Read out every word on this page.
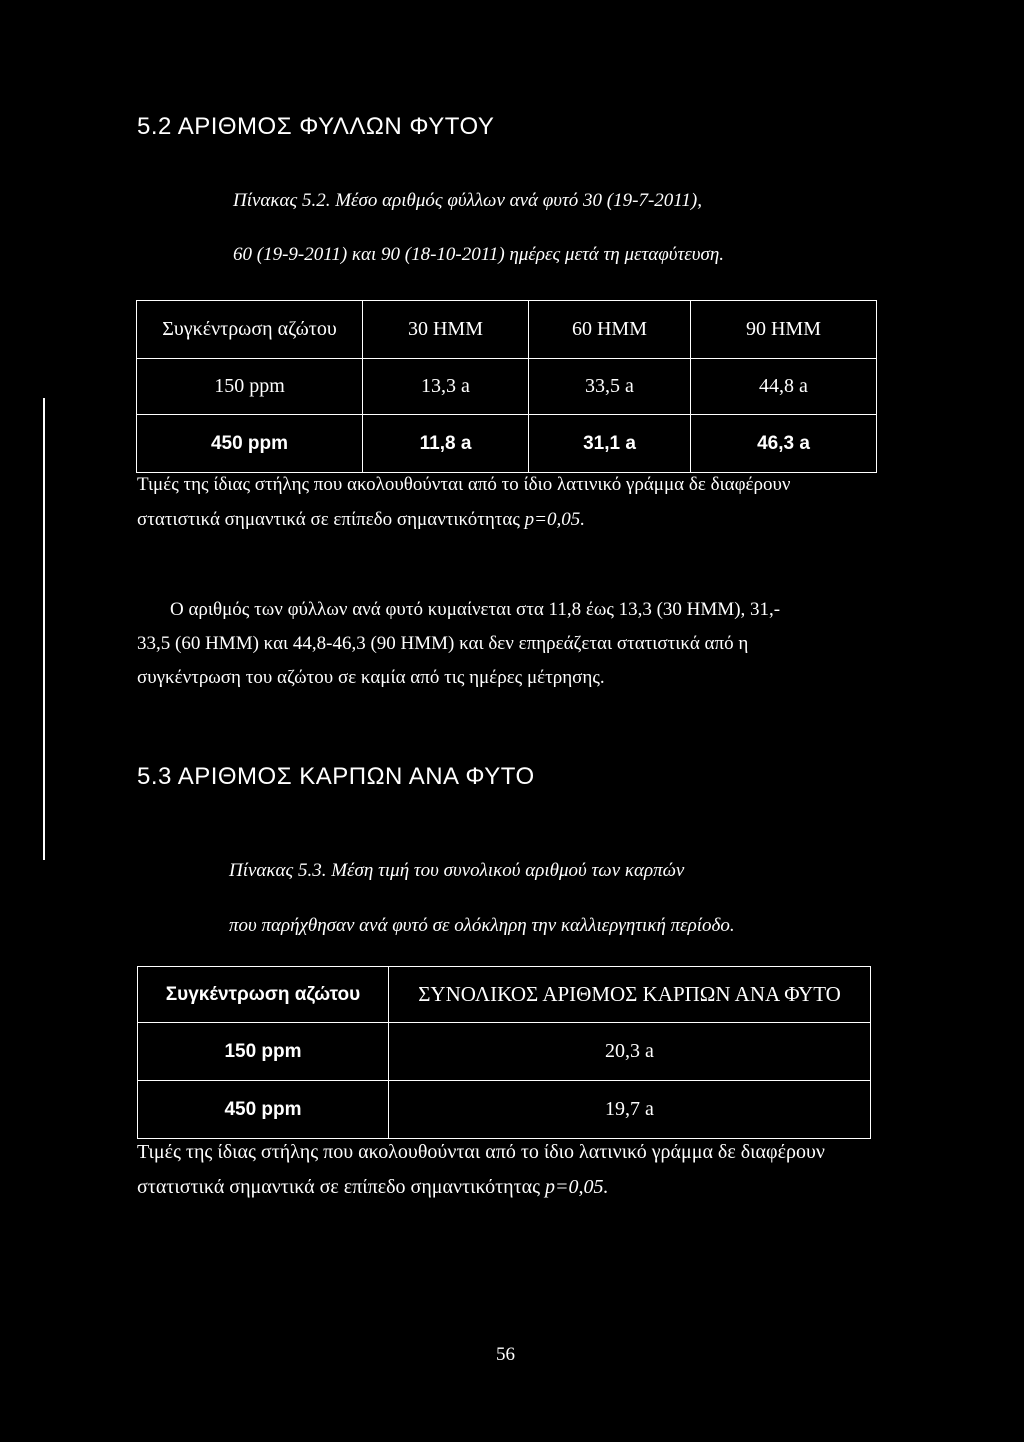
5.2 ΑΡΙΘΜΟΣ ΦΥΛΛΩΝ ΦΥΤΟΥ
Πίνακας 5.2. Μέσο αριθμός φύλλων ανά φυτό 30 (19-7-2011),
60 (19-9-2011) και 90 (18-10-2011) ημέρες μετά τη μεταφύτευση.
Συγκέντρωση αζώτου	30 ΗΜΜ	60 ΗΜΜ	90 ΗΜΜ
150 ppm	13,3 a	33,5 a	44,8 a
450 ppm	11,8 a	31,1 a	46,3 a
Τιμές της ίδιας στήλης που ακολουθούνται από το ίδιο λατινικό γράμμα δε διαφέρουν
στατιστικά σημαντικά σε επίπεδο σημαντικότητας p=0,05.
Ο αριθμός των φύλλων ανά φυτό κυμαίνεται στα 11,8 έως 13,3 (30 ΗΜΜ), 31,-
33,5 (60 ΗΜΜ) και 44,8-46,3 (90 ΗΜΜ) και δεν επηρεάζεται στατιστικά από η
συγκέντρωση του αζώτου σε καμία από τις ημέρες μέτρησης.
5.3 ΑΡΙΘΜΟΣ ΚΑΡΠΩΝ ΑΝΑ ΦΥΤΟ
Πίνακας 5.3. Μέση τιμή του συνολικού αριθμού των καρπών
που παρήχθησαν ανά φυτό σε ολόκληρη την καλλιεργητική περίοδο.
Συγκέντρωση αζώτου	ΣΥΝΟΛΙΚΟΣ ΑΡΙΘΜΟΣ ΚΑΡΠΩΝ ΑΝΑ ΦΥΤΟ
150 ppm	20,3 a
450 ppm	19,7 a
Τιμές της ίδιας στήλης που ακολουθούνται από το ίδιο λατινικό γράμμα δε διαφέρουν
στατιστικά σημαντικά σε επίπεδο σημαντικότητας p=0,05.
56
